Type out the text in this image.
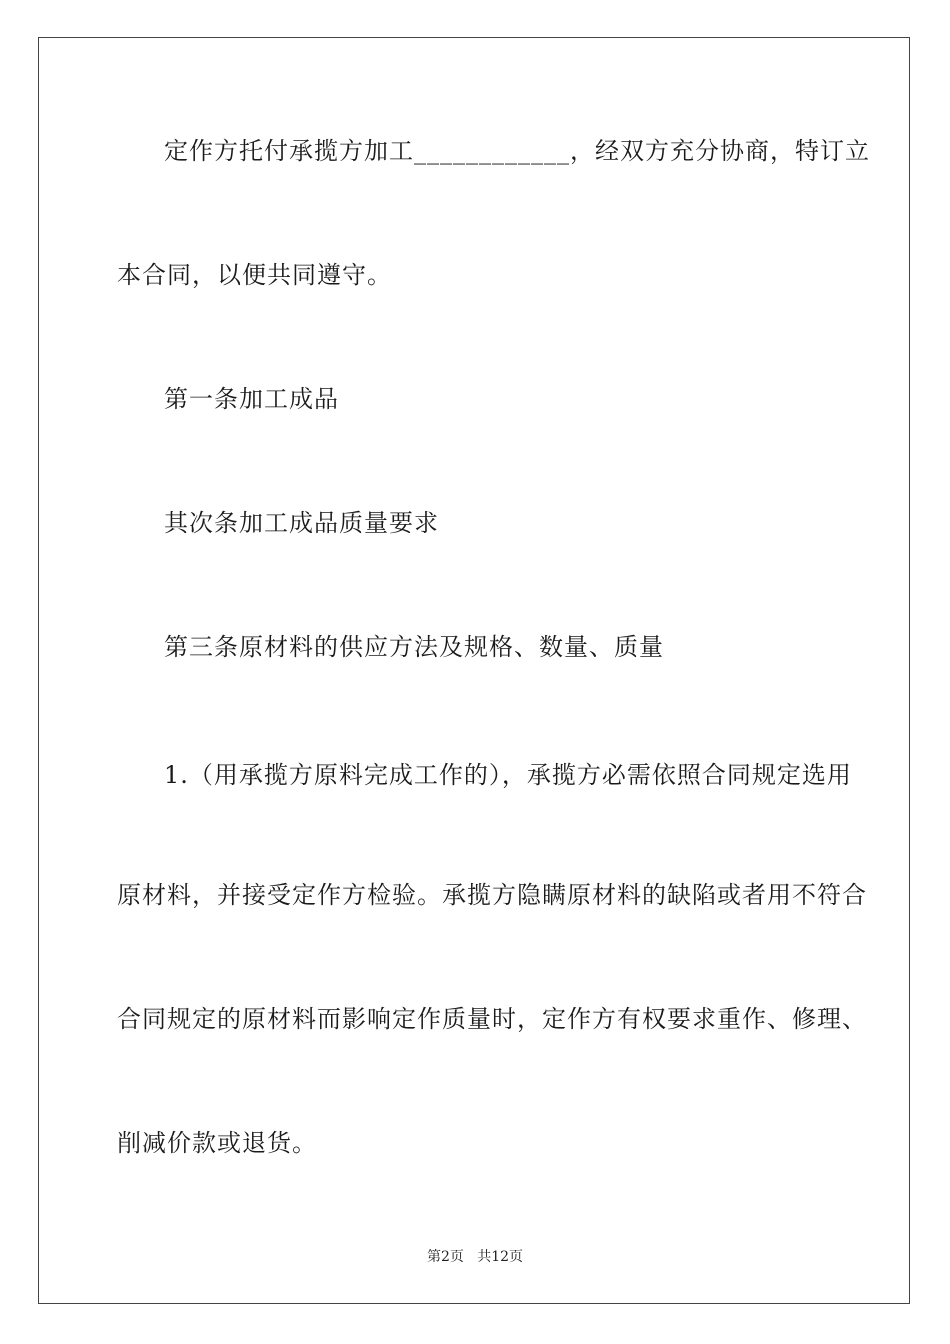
定作方托付承揽方加工____________，经双方充分协商，特订立
本合同，以便共同遵守。
第一条加工成品
其次条加工成品质量要求
第三条原材料的供应方法及规格、数量、质量
1.（用承揽方原料完成工作的），承揽方必需依照合同规定选用
原材料，并接受定作方检验。承揽方隐瞒原材料的缺陷或者用不符合
合同规定的原材料而影响定作质量时，定作方有权要求重作、修理、
削减价款或退货。
第2页   共12页
